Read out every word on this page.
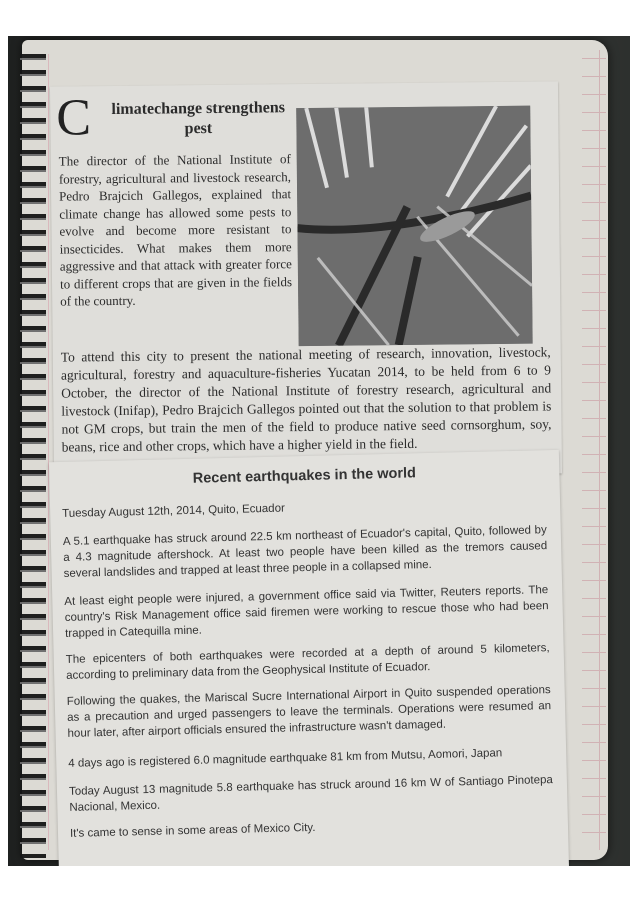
C limatechange strengthens pest
The director of the National Institute of forestry, agricultural and livestock research, Pedro Brajcich Gallegos, explained that climate change has allowed some pests to evolve and become more resistant to insecticides. What makes them more aggressive and that attack with greater force to different crops that are given in the fields of the country.
To attend this city to present the national meeting of research, innovation, livestock, agricultural, forestry and aquaculture-fisheries Yucatan 2014, to be held from 6 to 9 October, the director of the National Institute of forestry research, agricultural and livestock (Inifap), Pedro Brajcich Gallegos pointed out that the solution to that problem is not GM crops, but train the men of the field to produce native seed cornsorghum, soy, beans, rice and other crops, which have a higher yield in the field.
Recent earthquakes in the world
Tuesday August 12th, 2014, Quito, Ecuador
A 5.1 earthquake has struck around 22.5 km northeast of Ecuador's capital, Quito, followed by a 4.3 magnitude aftershock. At least two people have been killed as the tremors caused several landslides and trapped at least three people in a collapsed mine.
At least eight people were injured, a government office said via Twitter, Reuters reports. The country's Risk Management office said firemen were working to rescue those who had been trapped in Catequilla mine.
The epicenters of both earthquakes were recorded at a depth of around 5 kilometers, according to preliminary data from the Geophysical Institute of Ecuador.
Following the quakes, the Mariscal Sucre International Airport in Quito suspended operations as a precaution and urged passengers to leave the terminals. Operations were resumed an hour later, after airport officials ensured the infrastructure wasn't damaged.
4 days ago is registered 6.0 magnitude earthquake 81 km from Mutsu, Aomori, Japan
Today August 13 magnitude 5.8 earthquake has struck around 16 km W of Santiago Pinotepa Nacional, Mexico.
It's came to sense in some areas of Mexico City.
